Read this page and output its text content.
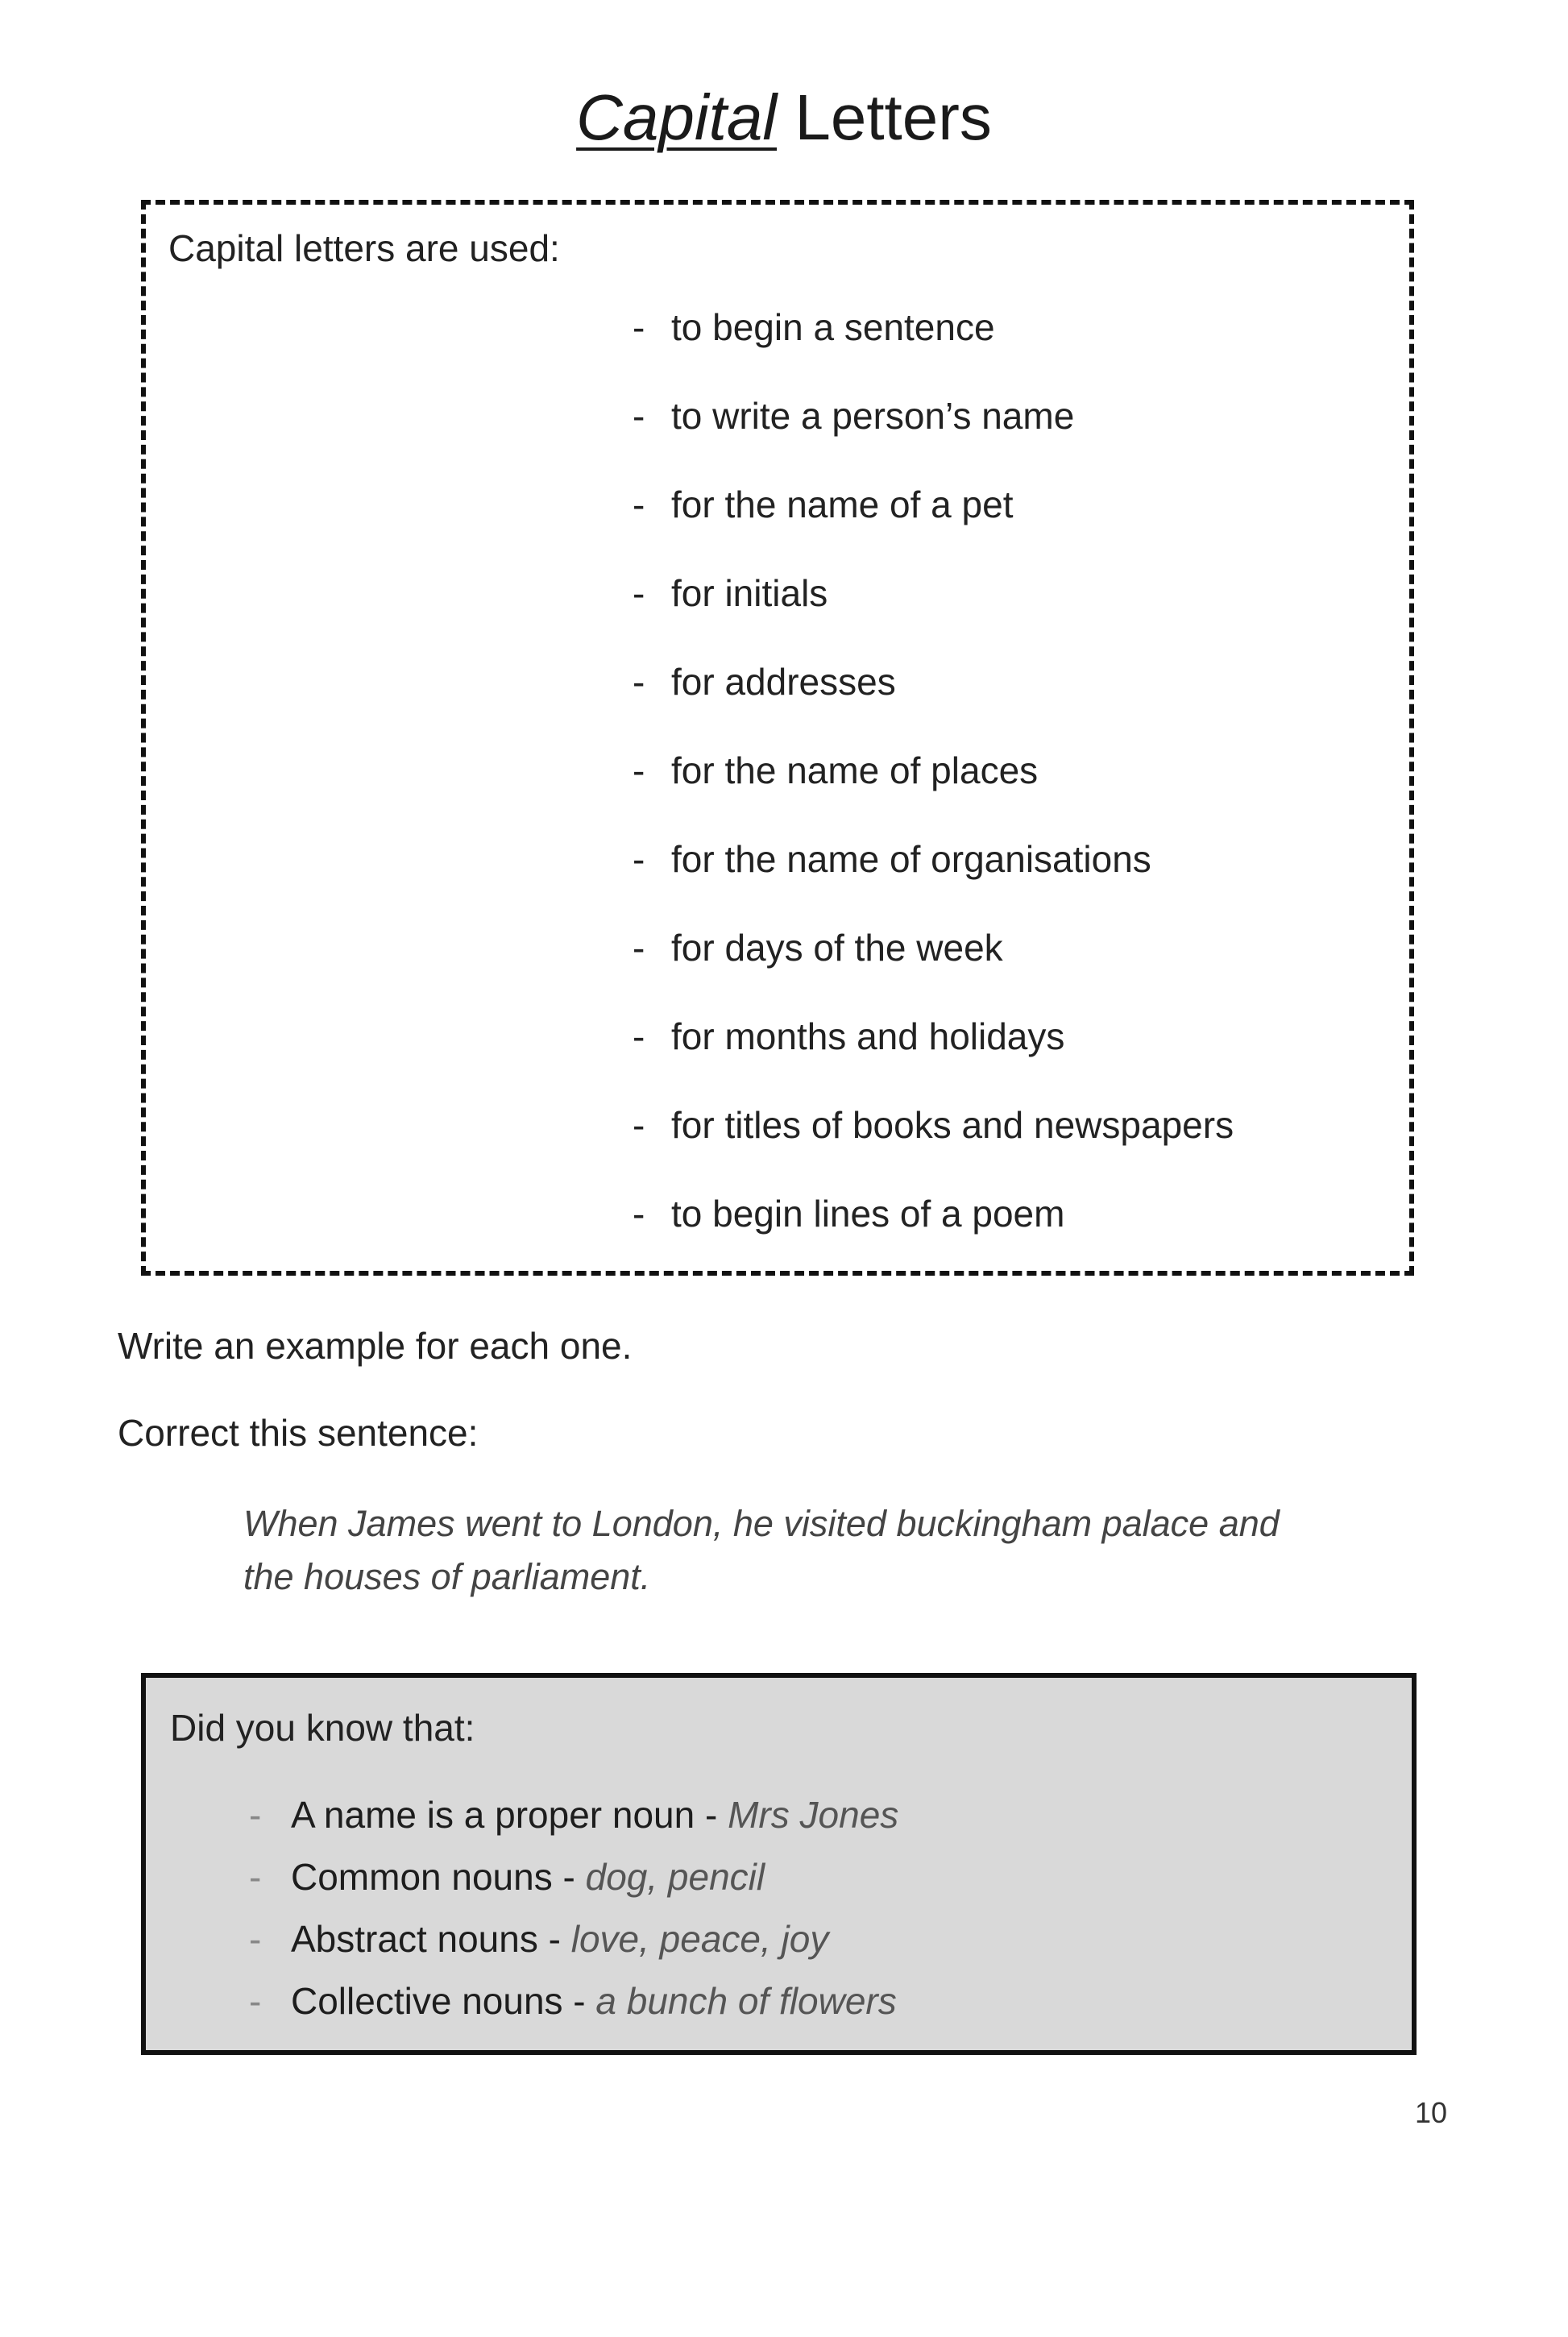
Capital Letters
Capital letters are used:
- to begin a sentence
- to write a person’s name
- for the name of a pet
- for initials
- for addresses
- for the name of places
- for the name of organisations
- for days of the week
- for months and holidays
- for titles of books and newspapers
- to begin lines of a poem
Write an example for each one.
Correct this sentence:
When James went to London, he visited buckingham palace and
the houses of parliament.
Did you know that:
- A name is a proper noun - Mrs Jones
- Common nouns - dog, pencil
- Abstract nouns - love, peace, joy
- Collective nouns - a bunch of flowers
10
